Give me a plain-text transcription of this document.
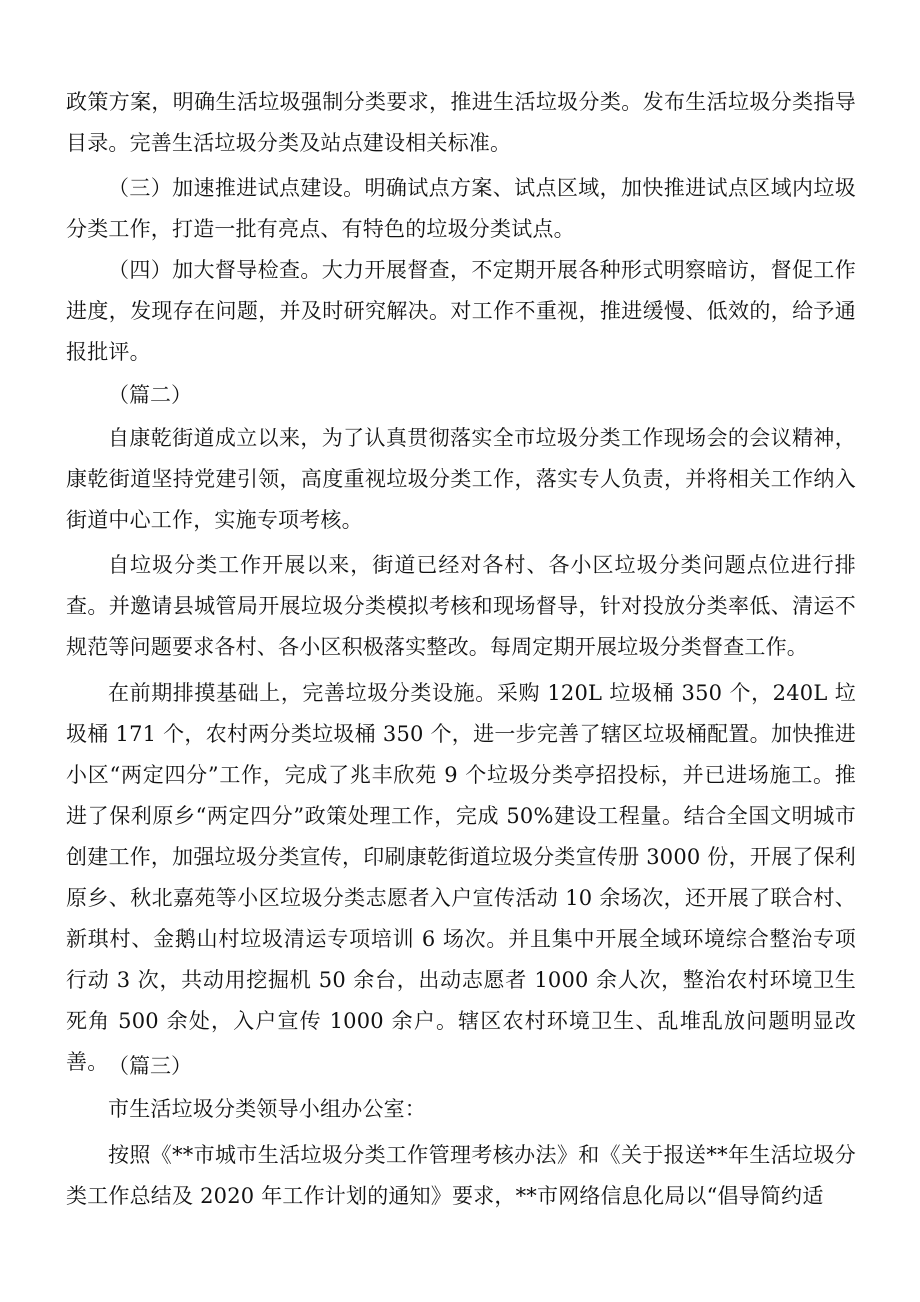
政策方案，明确生活垃圾强制分类要求，推进生活垃圾分类。发布生活垃圾分类指导目录。完善生活垃圾分类及站点建设相关标准。

（三）加速推进试点建设。明确试点方案、试点区域，加快推进试点区域内垃圾分类工作，打造一批有亮点、有特色的垃圾分类试点。

（四）加大督导检查。大力开展督查，不定期开展各种形式明察暗访，督促工作进度，发现存在问题，并及时研究解决。对工作不重视，推进缓慢、低效的，给予通报批评。

（篇二）

自康乾街道成立以来，为了认真贯彻落实全市垃圾分类工作现场会的会议精神，康乾街道坚持党建引领，高度重视垃圾分类工作，落实专人负责，并将相关工作纳入街道中心工作，实施专项考核。

自垃圾分类工作开展以来，街道已经对各村、各小区垃圾分类问题点位进行排查。并邀请县城管局开展垃圾分类模拟考核和现场督导，针对投放分类率低、清运不规范等问题要求各村、各小区积极落实整改。每周定期开展垃圾分类督查工作。

在前期排摸基础上，完善垃圾分类设施。采购 120L 垃圾桶 350 个，240L 垃圾桶 171 个，农村两分类垃圾桶 350 个，进一步完善了辖区垃圾桶配置。加快推进小区“两定四分”工作，完成了兆丰欣苑 9 个垃圾分类亭招投标，并已进场施工。推进了保利原乡“两定四分”政策处理工作，完成 50%建设工程量。结合全国文明城市创建工作，加强垃圾分类宣传，印刷康乾街道垃圾分类宣传册 3000 份，开展了保利原乡、秋北嘉苑等小区垃圾分类志愿者入户宣传活动 10 余场次，还开展了联合村、新琪村、金鹅山村垃圾清运专项培训 6 场次。并且集中开展全域环境综合整治专项行动 3 次，共动用挖掘机 50 余台，出动志愿者 1000 余人次，整治农村环境卫生死角 500 余处，入户宣传 1000 余户。辖区农村环境卫生、乱堆乱放问题明显改善。 （篇三）

市生活垃圾分类领导小组办公室：

按照《**市城市生活垃圾分类工作管理考核办法》和《关于报送**年生活垃圾分类工作总结及 2020 年工作计划的通知》要求，**市网络信息化局以“倡导简约适
